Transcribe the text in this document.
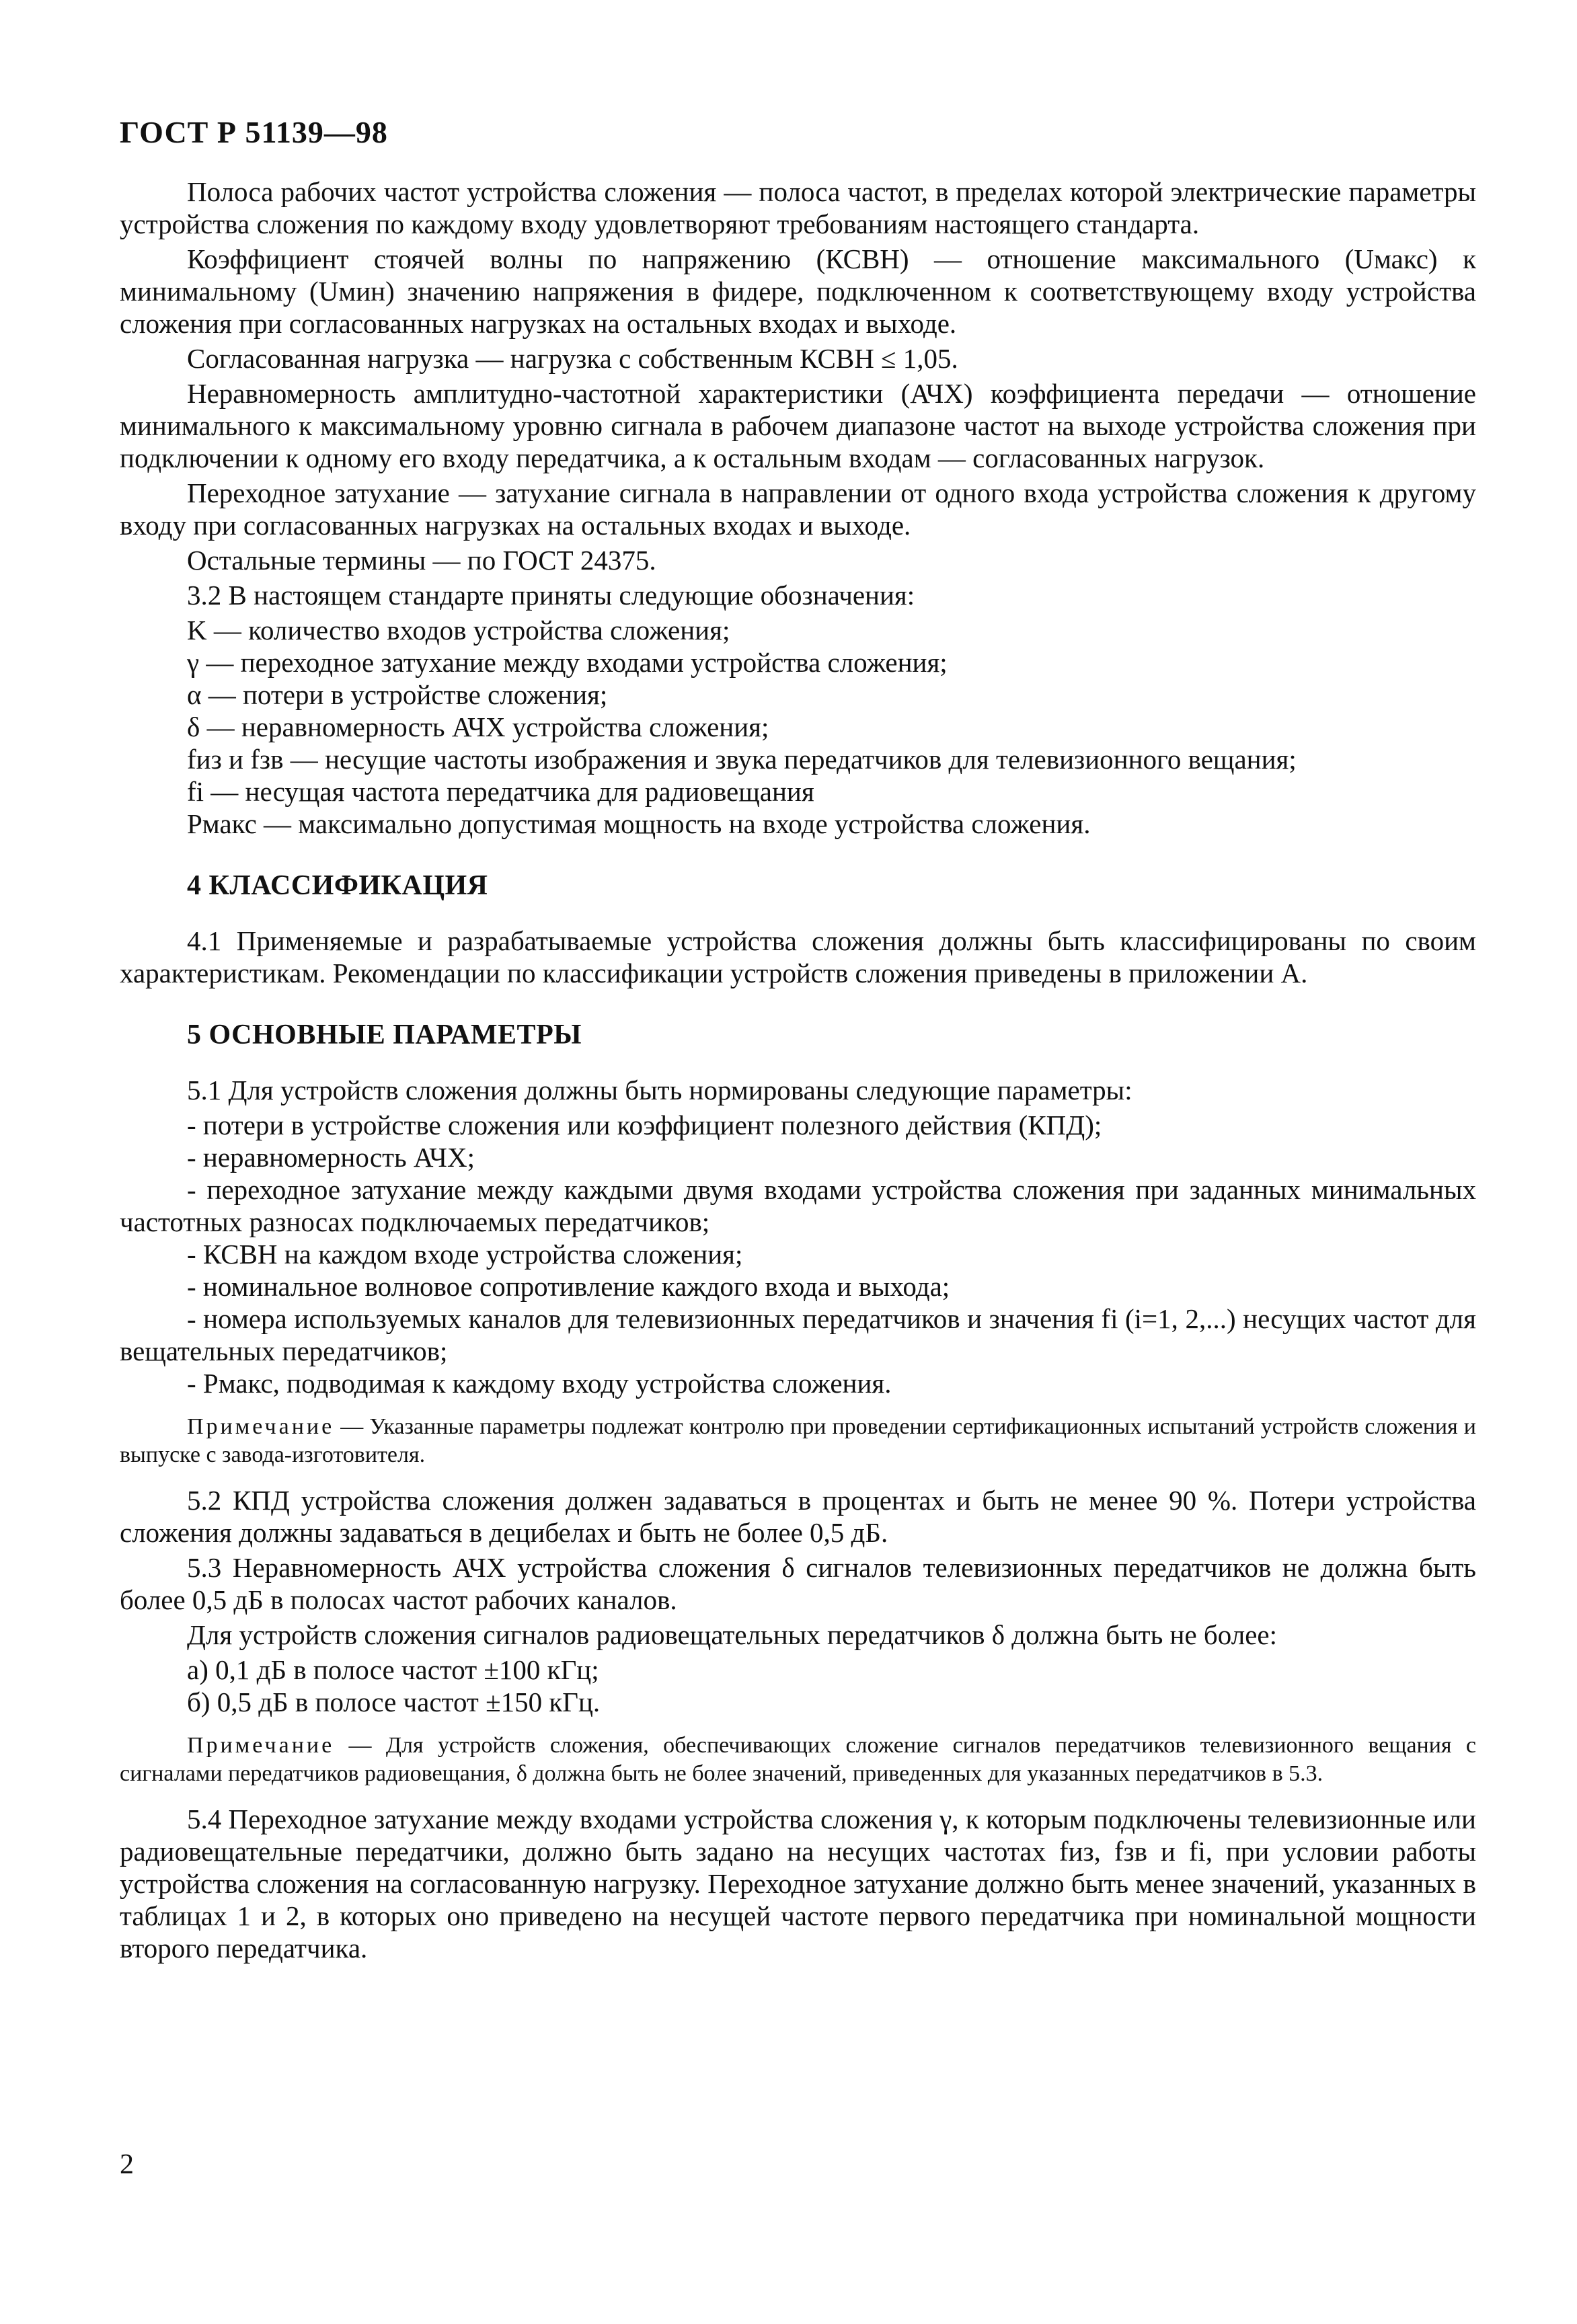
ГОСТ Р 51139—98

Полоса рабочих частот устройства сложения — полоса частот, в пределах которой электрические параметры устройства сложения по каждому входу удовлетворяют требованиям настоящего стандарта.

Коэффициент стоячей волны по напряжению (КСВН) — отношение максимального (Uмакс) к минимальному (Uмин) значению напряжения в фидере, подключенном к соответствующему входу устройства сложения при согласованных нагрузках на остальных входах и выходе.

Согласованная нагрузка — нагрузка с собственным КСВН ≤ 1,05.

Неравномерность амплитудно-частотной характеристики (АЧХ) коэффициента передачи — отношение минимального к максимальному уровню сигнала в рабочем диапазоне частот на выходе устройства сложения при подключении к одному его входу передатчика, а к остальным входам — согласованных нагрузок.

Переходное затухание — затухание сигнала в направлении от одного входа устройства сложения к другому входу при согласованных нагрузках на остальных входах и выходе.

Остальные термины — по ГОСТ 24375.

3.2 В настоящем стандарте приняты следующие обозначения:

K — количество входов устройства сложения;

γ — переходное затухание между входами устройства сложения;

α — потери в устройстве сложения;

δ — неравномерность АЧХ устройства сложения;

fиз и fзв — несущие частоты изображения и звука передатчиков для телевизионного вещания;

fi — несущая частота передатчика для радиовещания

Pмакс — максимально допустимая мощность на входе устройства сложения.

4 КЛАССИФИКАЦИЯ

4.1 Применяемые и разрабатываемые устройства сложения должны быть классифицированы по своим характеристикам. Рекомендации по классификации устройств сложения приведены в приложении А.

5 ОСНОВНЫЕ ПАРАМЕТРЫ

5.1 Для устройств сложения должны быть нормированы следующие параметры:

- потери в устройстве сложения или коэффициент полезного действия (КПД);

- неравномерность АЧХ;

- переходное затухание между каждыми двумя входами устройства сложения при заданных минимальных частотных разносах подключаемых передатчиков;

- КСВН на каждом входе устройства сложения;

- номинальное волновое сопротивление каждого входа и выхода;

- номера используемых каналов для телевизионных передатчиков и значения fi (i=1, 2,...) несущих частот для вещательных передатчиков;

- Pмакс, подводимая к каждому входу устройства сложения.

Примечание — Указанные параметры подлежат контролю при проведении сертификационных испытаний устройств сложения и выпуске с завода-изготовителя.

5.2 КПД устройства сложения должен задаваться в процентах и быть не менее 90 %. Потери устройства сложения должны задаваться в децибелах и быть не более 0,5 дБ.

5.3 Неравномерность АЧХ устройства сложения δ сигналов телевизионных передатчиков не должна быть более 0,5 дБ в полосах частот рабочих каналов.

Для устройств сложения сигналов радиовещательных передатчиков δ должна быть не более:

а) 0,1 дБ в полосе частот ±100 кГц;

б) 0,5 дБ в полосе частот ±150 кГц.

Примечание — Для устройств сложения, обеспечивающих сложение сигналов передатчиков телевизионного вещания с сигналами передатчиков радиовещания, δ должна быть не более значений, приведенных для указанных передатчиков в 5.3.

5.4 Переходное затухание между входами устройства сложения γ, к которым подключены телевизионные или радиовещательные передатчики, должно быть задано на несущих частотах fиз, fзв и fi, при условии работы устройства сложения на согласованную нагрузку. Переходное затухание должно быть менее значений, указанных в таблицах 1 и 2, в которых оно приведено на несущей частоте первого передатчика при номинальной мощности второго передатчика.

2
